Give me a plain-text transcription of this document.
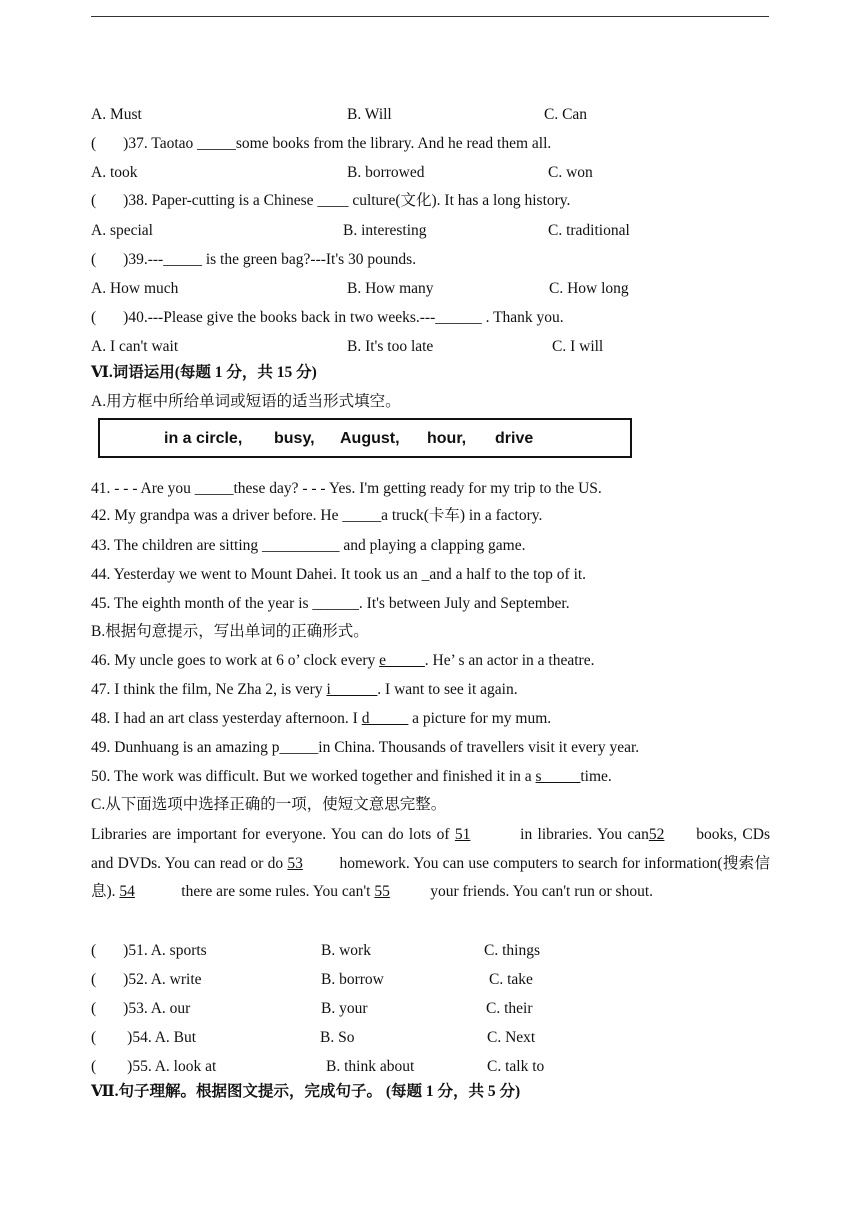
A. Must	B. Will	C. Can
( )37. Taotao _____some books from the library. And he read them all.
A. took	B. borrowed	C. won
( )38. Paper-cutting is a Chinese ____ culture(文化). It has a long history.
A. special	B. interesting	C. traditional
( )39.---_____ is the green bag?---It's 30 pounds.
A. How much	B. How many	C. How long
( )40.---Please give the books back in two weeks.---______ . Thank you.
A. I can't wait	B. It's too late	C. I will
Ⅵ.词语运用(每题 1 分，共 15 分)
A.用方框中所给单词或短语的适当形式填空。
in a circle, busy, August, hour, drive
41. - - - Are you _____these day? - - - Yes. I'm getting ready for my trip to the US.
42. My grandpa was a driver before. He _____a truck(卡车) in a factory.
43. The children are sitting __________ and playing a clapping game.
44. Yesterday we went to Mount Dahei. It took us an _and a half to the top of it.
45. The eighth month of the year is ______. It's between July and September.
B.根据句意提示，写出单词的正确形式。
46. My uncle goes to work at 6 o’ clock every e_____. He’ s an actor in a theatre.
47. I think the film, Ne Zha 2, is very i______. I want to see it again.
48. I had an art class yesterday afternoon. I d_____ a picture for my mum.
49. Dunhuang is an amazing p_____in China. Thousands of travellers visit it every year.
50. The work was difficult. But we worked together and finished it in a s_____time.
C.从下面选项中选择正确的一项，使短文意思完整。
Libraries are important for everyone. You can do lots of 51	in libraries. You can52 books, CDs and DVDs. You can read or do 53 homework. You can use computers to search for information(搜索信息). 54	there are some rules. You can't 55 your friends. You can't run or shout.
( )51. A. sports	B. work	C. things
( )52. A. write	B. borrow	C. take
( )53. A. our	B. your	C. their
( )54. A. But	B. So	C. Next
( )55. A. look at	B. think about	C. talk to
Ⅶ.句子理解。根据图文提示，完成句子。 (每题 1 分，共 5 分)
